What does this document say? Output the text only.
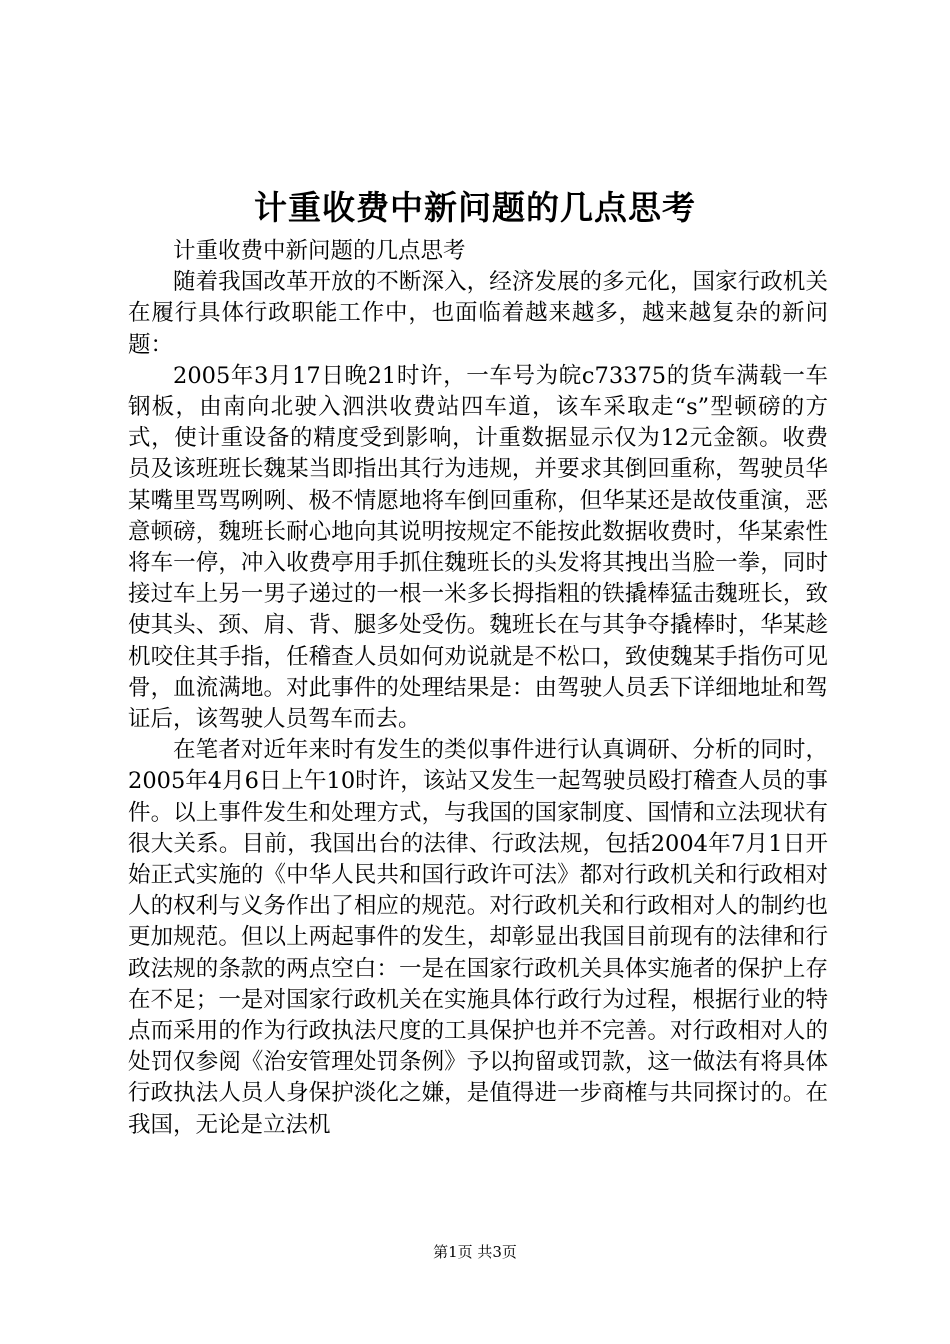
计重收费中新问题的几点思考

计重收费中新问题的几点思考

随着我国改革开放的不断深入，经济发展的多元化，国家行政机关在履行具体行政职能工作中，也面临着越来越多，越来越复杂的新问题：

2005年3月17日晚21时许，一车号为皖c73375的货车满载一车钢板，由南向北驶入泗洪收费站四车道，该车采取走“s”型顿磅的方式，使计重设备的精度受到影响，计重数据显示仅为12元金额。收费员及该班班长魏某当即指出其行为违规，并要求其倒回重称，驾驶员华某嘴里骂骂咧咧、极不情愿地将车倒回重称，但华某还是故伎重演，恶意顿磅，魏班长耐心地向其说明按规定不能按此数据收费时，华某索性将车一停，冲入收费亭用手抓住魏班长的头发将其拽出当脸一拳，同时接过车上另一男子递过的一根一米多长拇指粗的铁撬棒猛击魏班长，致使其头、颈、肩、背、腿多处受伤。魏班长在与其争夺撬棒时，华某趁机咬住其手指，任稽查人员如何劝说就是不松口，致使魏某手指伤可见骨，血流满地。对此事件的处理结果是：由驾驶人员丢下详细地址和驾证后，该驾驶人员驾车而去。

在笔者对近年来时有发生的类似事件进行认真调研、分析的同时，2005年4月6日上午10时许，该站又发生一起驾驶员殴打稽查人员的事件。以上事件发生和处理方式，与我国的国家制度、国情和立法现状有很大关系。目前，我国出台的法律、行政法规，包括2004年7月1日开始正式实施的《中华人民共和国行政许可法》都对行政机关和行政相对人的权利与义务作出了相应的规范。对行政机关和行政相对人的制约也更加规范。但以上两起事件的发生，却彰显出我国目前现有的法律和行政法规的条款的两点空白：一是在国家行政机关具体实施者的保护上存在不足；一是对国家行政机关在实施具体行政行为过程，根据行业的特点而采用的作为行政执法尺度的工具保护也并不完善。对行政相对人的处罚仅参阅《治安管理处罚条例》予以拘留或罚款，这一做法有将具体行政执法人员人身保护淡化之嫌，是值得进一步商榷与共同探讨的。在我国，无论是立法机

第1页 共3页
